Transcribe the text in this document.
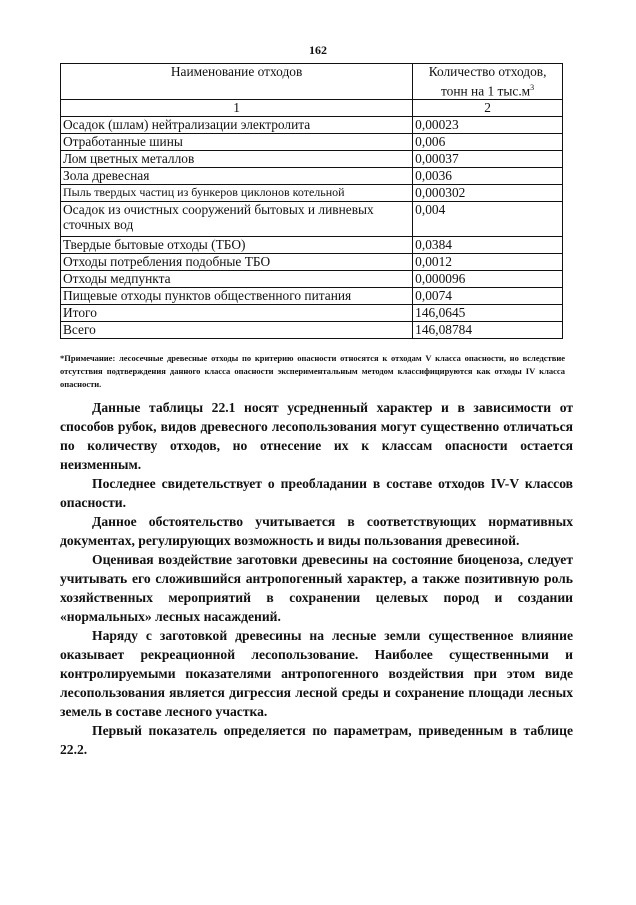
162
Наименование отходов	Количество отходов,
тонн на 1 $тыс.м^3$
1	2
Осадок (шлам) нейтрализации электролита	0,00023
Отработанные шины	0,006
Лом цветных металлов	0,00037
Зола древесная	0,0036
Пыль твердых частиц из бункеров циклонов котельной	0,000302
Осадок из очистных сооружений бытовых и ливневых сточных вод	0,004
Твердые бытовые отходы (ТБО)	0,0384
Отходы потребления подобные ТБО	0,0012
Отходы медпункта	0,000096
Пищевые отходы пунктов общественного питания	0,0074
Итого	146,0645
Всего	146,08784
*Примечание: лесосечные древесные отходы по критерию опасности относятся к отходам V класса опасности, но вследствие отсутствия подтверждения данного класса опасности экспериментальным методом классифицируются как отходы IV класса опасности.

Данные таблицы 22.1 носят усредненный характер и в зависимости от способов рубок, видов древесного лесопользования могут существенно отличаться по количеству отходов, но отнесение их к классам опасности остается неизменным.

Последнее свидетельствует о преобладании в составе отходов IV-V классов опасности.

Данное обстоятельство учитывается в соответствующих нормативных документах, регулирующих возможность и виды пользования древесиной.

Оценивая воздействие заготовки древесины на состояние биоценоза, следует учитывать его сложившийся антропогенный характер, а также позитивную роль хозяйственных мероприятий в сохранении целевых пород и создании «нормальных» лесных насаждений.

Наряду с заготовкой древесины на лесные земли существенное влияние оказывает рекреационной лесопользование. Наиболее существенными и контролируемыми показателями антропогенного воздействия при этом виде лесопользования является дигрессия лесной среды и сохранение площади лесных земель в составе лесного участка.

Первый показатель определяется по параметрам, приведенным в таблице 22.2.
